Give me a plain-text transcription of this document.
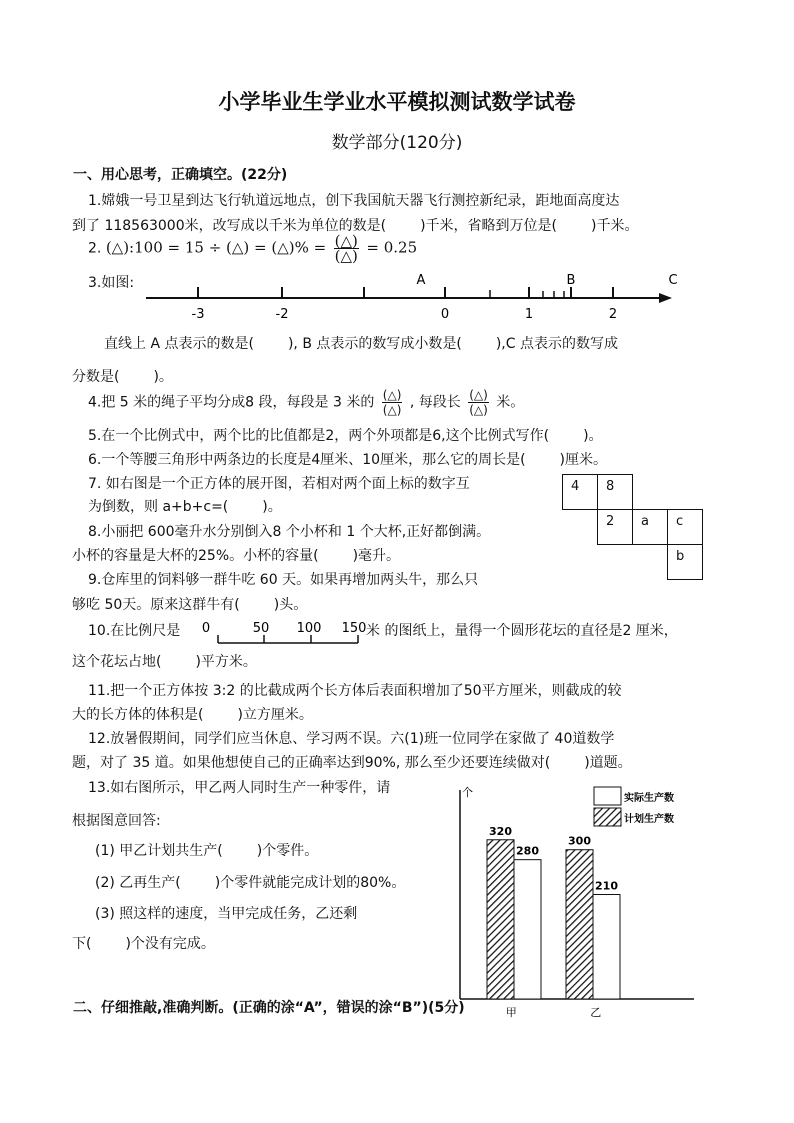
小学毕业生学业水平模拟测试数学试卷
数学部分(120分)
一、用心思考，正确填空。(22分)
1.嫦娥一号卫星到达飞行轨道远地点，创下我国航天器飞行测控新纪录，距地面高度达
到了 118563000米，改写成以千米为单位的数是( )千米，省略到万位是( )千米。
2. (△):100 = 15 ÷ (△) = (△)% = $\frac{(\triangle)}{(\triangle)} = 0.25$
3.如图:	A	B	C
-3	-2	0	1	2
直线上 A 点表示的数是( ), B 点表示的数写成小数是( ),C 点表示的数写成
分数是( )。
4.把 5 米的绳子平均分成8 段，每段是 3 米的 $\frac{(\triangle)}{(\triangle)}$ , 每段长 $\frac{(\triangle)}{(\triangle)}$ 米。
5.在一个比例式中，两个比的比值都是2，两个外项都是6,这个比例式写作( )。
6.一个等腰三角形中两条边的长度是4厘米、10厘米，那么它的周长是( )厘米。
7. 如右图是一个正方体的展开图，若相对两个面上标的数字互
为倒数，则 a+b+c=( )。
4	8
2	a	c
b
8.小丽把 600毫升水分别倒入8 个小杯和 1 个大杯,正好都倒满。
小杯的容量是大杯的25%。小杯的容量( )毫升。
9.仓库里的饲料够一群牛吃 60 天。如果再增加两头牛，那么只
够吃 50天。原来这群牛有( )头。
10.在比例尺是 0	50 100 150 米 的图纸上，量得一个圆形花坛的直径是2 厘米，
这个花坛占地( )平方米。
11.把一个正方体按 3:2 的比截成两个长方体后表面积增加了50平方厘米，则截成的较
大的长方体的体积是( )立方厘米。
12.放暑假期间，同学们应当休息、学习两不误。六(1)班一位同学在家做了 40道数学
题，对了 35 道。如果他想使自己的正确率达到90%, 那么至少还要连续做对( )道题。
13.如右图所示，甲乙两人同时生产一种零件，请
根据图意回答:
(1) 甲乙计划共生产( )个零件。
(2) 乙再生产( )个零件就能完成计划的80%。
(3) 照这样的速度，当甲完成任务，乙还剩
下( )个没有完成。
个	实际生产数
计划生产数
320
280
甲
300
210
乙
二、仔细推敲,准确判断。(正确的涂“A”，错误的涂“B”)(5分)
